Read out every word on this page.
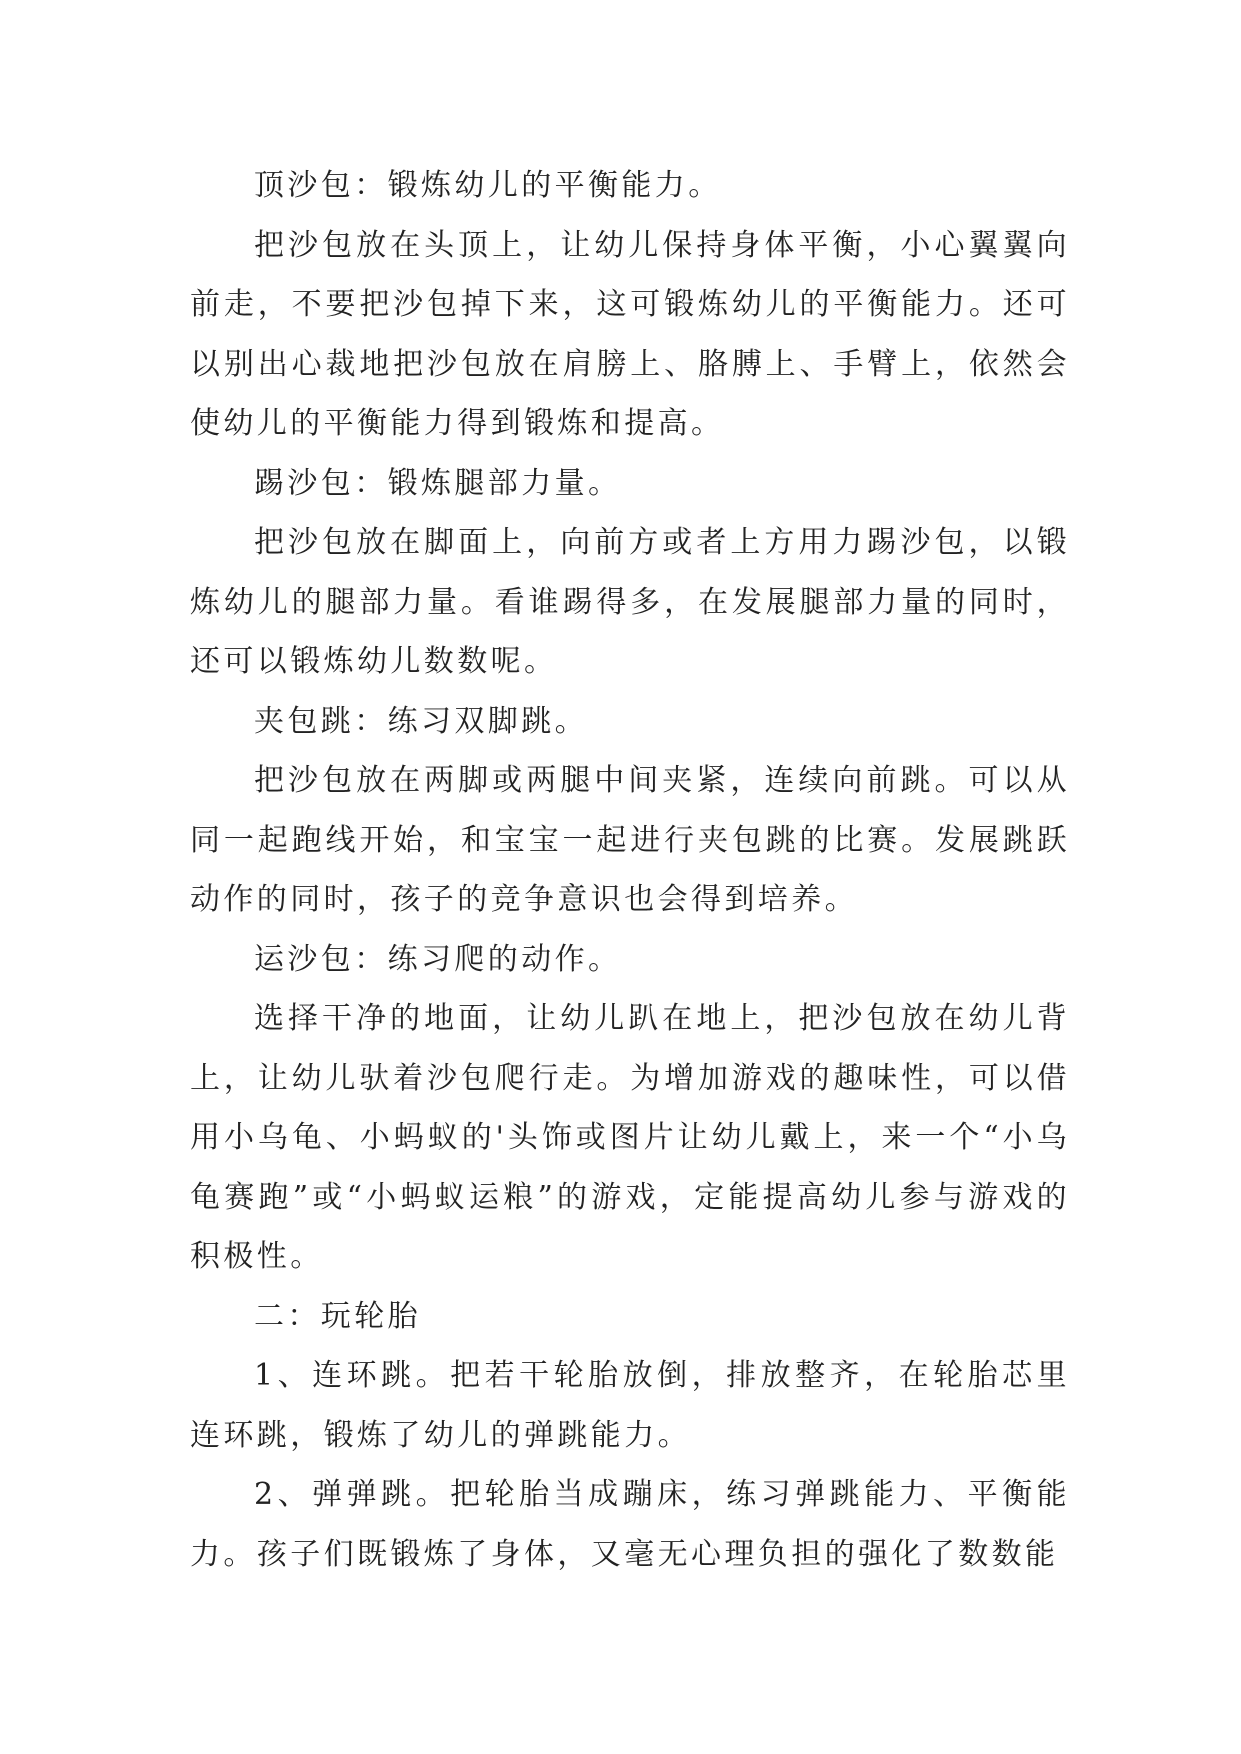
顶沙包：锻炼幼儿的平衡能力。

把沙包放在头顶上，让幼儿保持身体平衡，小心翼翼向前走，不要把沙包掉下来，这可锻炼幼儿的平衡能力。还可以别出心裁地把沙包放在肩膀上、胳膊上、手臂上，依然会使幼儿的平衡能力得到锻炼和提高。

踢沙包：锻炼腿部力量。

把沙包放在脚面上，向前方或者上方用力踢沙包，以锻炼幼儿的腿部力量。看谁踢得多，在发展腿部力量的同时，还可以锻炼幼儿数数呢。

夹包跳：练习双脚跳。

把沙包放在两脚或两腿中间夹紧，连续向前跳。可以从同一起跑线开始，和宝宝一起进行夹包跳的比赛。发展跳跃动作的同时，孩子的竞争意识也会得到培养。

运沙包：练习爬的动作。

选择干净的地面，让幼儿趴在地上，把沙包放在幼儿背上，让幼儿驮着沙包爬行走。为增加游戏的趣味性，可以借用小乌龟、小蚂蚁的'头饰或图片让幼儿戴上，来一个“小乌龟赛跑”或“小蚂蚁运粮”的游戏，定能提高幼儿参与游戏的积极性。

二：玩轮胎

1、连环跳。把若干轮胎放倒，排放整齐，在轮胎芯里连环跳，锻炼了幼儿的弹跳能力。

2、弹弹跳。把轮胎当成蹦床，练习弹跳能力、平衡能力。孩子们既锻炼了身体，又毫无心理负担的强化了数数能
